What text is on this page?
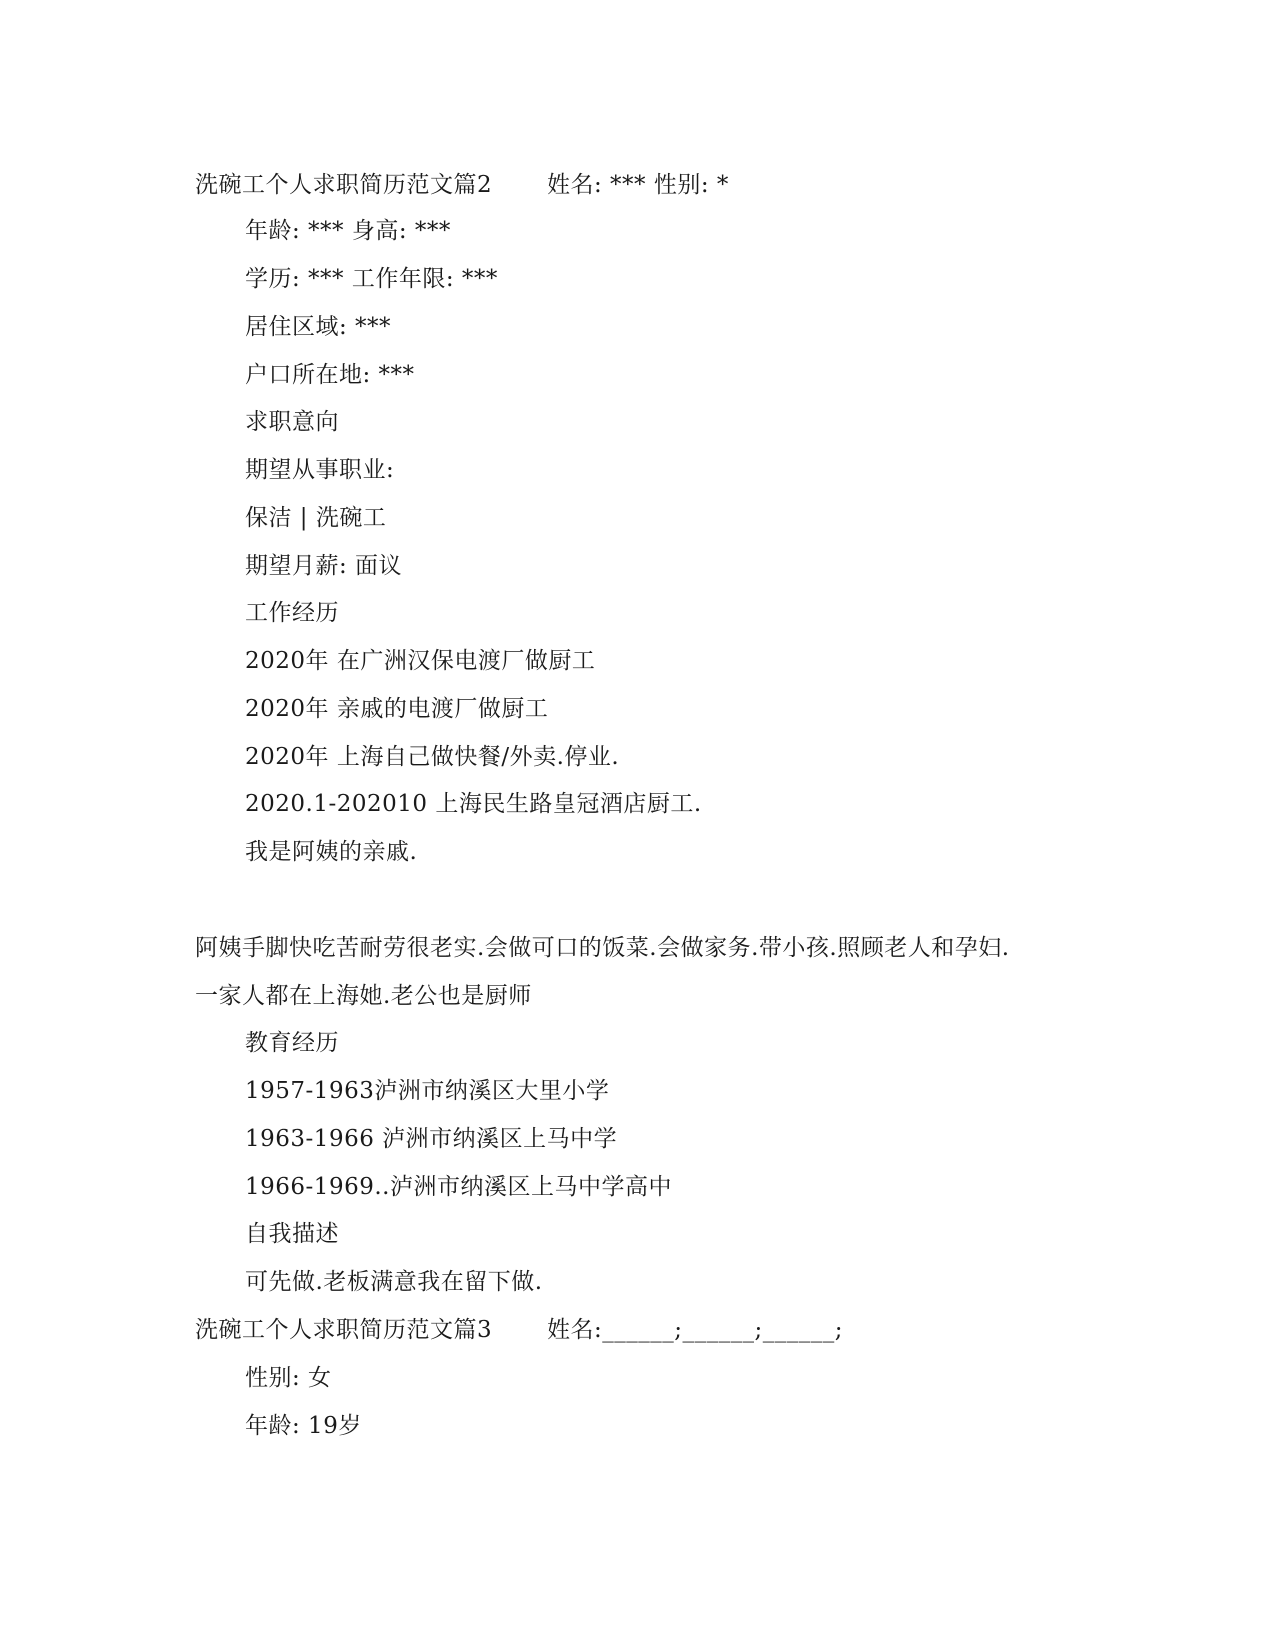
洗碗工个人求职简历范文篇2　　 姓名: *** 性别: *
年龄: *** 身高: ***
学历: *** 工作年限: ***
居住区域: ***
户口所在地: ***
求职意向
期望从事职业:
保洁 | 洗碗工
期望月薪: 面议
工作经历
2020年 在广洲汉保电渡厂做厨工
2020年 亲戚的电渡厂做厨工
2020年 上海自己做快餐/外卖.停业.
2020.1-202010 上海民生路皇冠酒店厨工.
我是阿姨的亲戚.
阿姨手脚快吃苦耐劳很老实.会做可口的饭菜.会做家务.带小孩.照顾老人和孕妇.
一家人都在上海她.老公也是厨师
教育经历
1957-1963泸洲市纳溪区大里小学
1963-1966 泸洲市纳溪区上马中学
1966-1969..泸洲市纳溪区上马中学高中
自我描述
可先做.老板满意我在留下做.
洗碗工个人求职简历范文篇3　　 姓名:______;______;______;
性别: 女
年龄: 19岁
